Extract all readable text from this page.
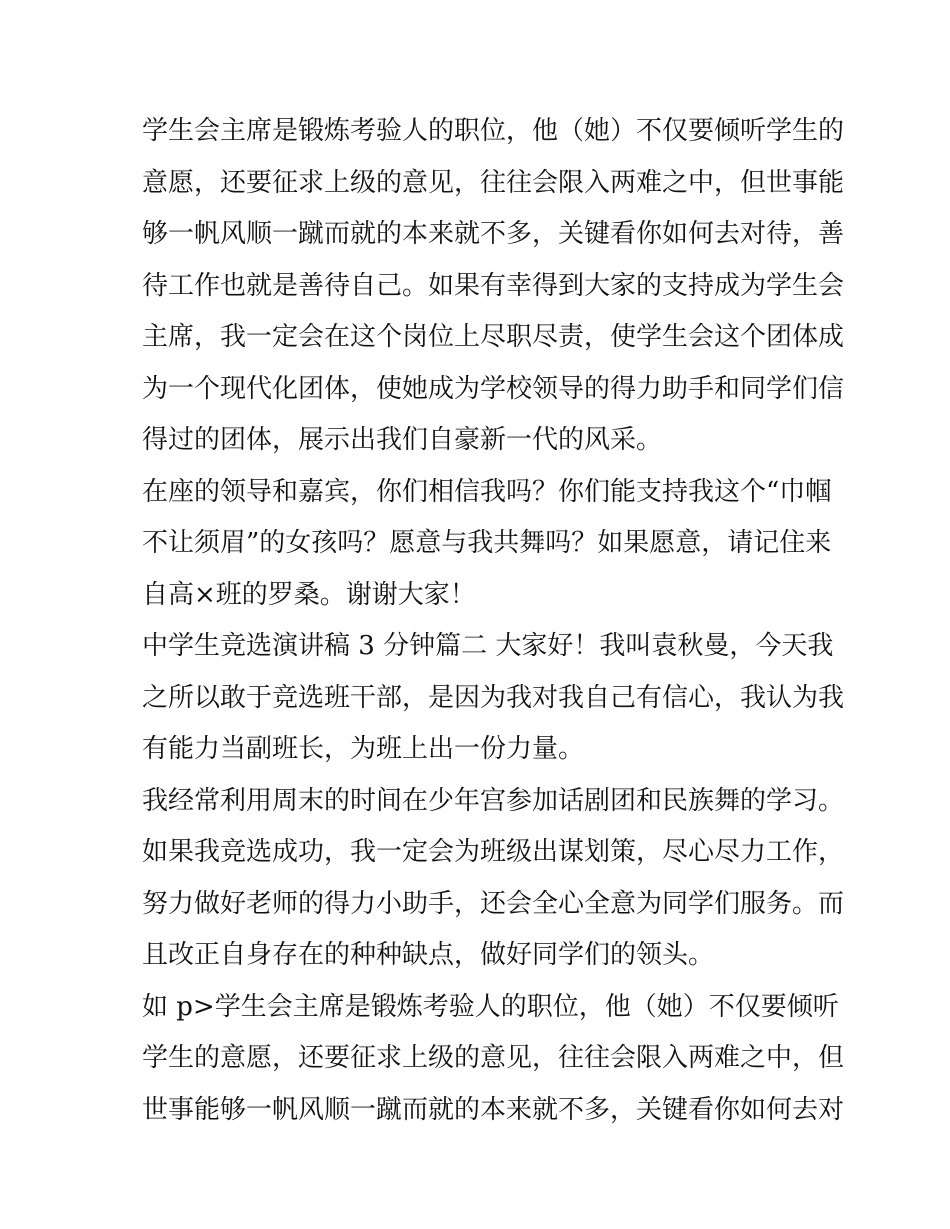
学生会主席是锻炼考验人的职位，他（她）不仅要倾听学生的
意愿，还要征求上级的意见，往往会限入两难之中，但世事能
够一帆风顺一蹴而就的本来就不多，关键看你如何去对待，善
待工作也就是善待自己。如果有幸得到大家的支持成为学生会
主席，我一定会在这个岗位上尽职尽责，使学生会这个团体成
为一个现代化团体，使她成为学校领导的得力助手和同学们信
得过的团体，展示出我们自豪新一代的风采。
在座的领导和嘉宾，你们相信我吗？你们能支持我这个“巾帼
不让须眉”的女孩吗？愿意与我共舞吗？如果愿意，请记住来
自高×班的罗桑。谢谢大家！
中学生竞选演讲稿 3 分钟篇二 大家好！我叫袁秋曼，今天我
之所以敢于竞选班干部，是因为我对我自己有信心，我认为我
有能力当副班长，为班上出一份力量。
我经常利用周末的时间在少年宫参加话剧团和民族舞的学习。
如果我竞选成功，我一定会为班级出谋划策，尽心尽力工作，
努力做好老师的得力小助手，还会全心全意为同学们服务。而
且改正自身存在的种种缺点，做好同学们的领头。
如 p>学生会主席是锻炼考验人的职位，他（她）不仅要倾听
学生的意愿，还要征求上级的意见，往往会限入两难之中，但
世事能够一帆风顺一蹴而就的本来就不多，关键看你如何去对
